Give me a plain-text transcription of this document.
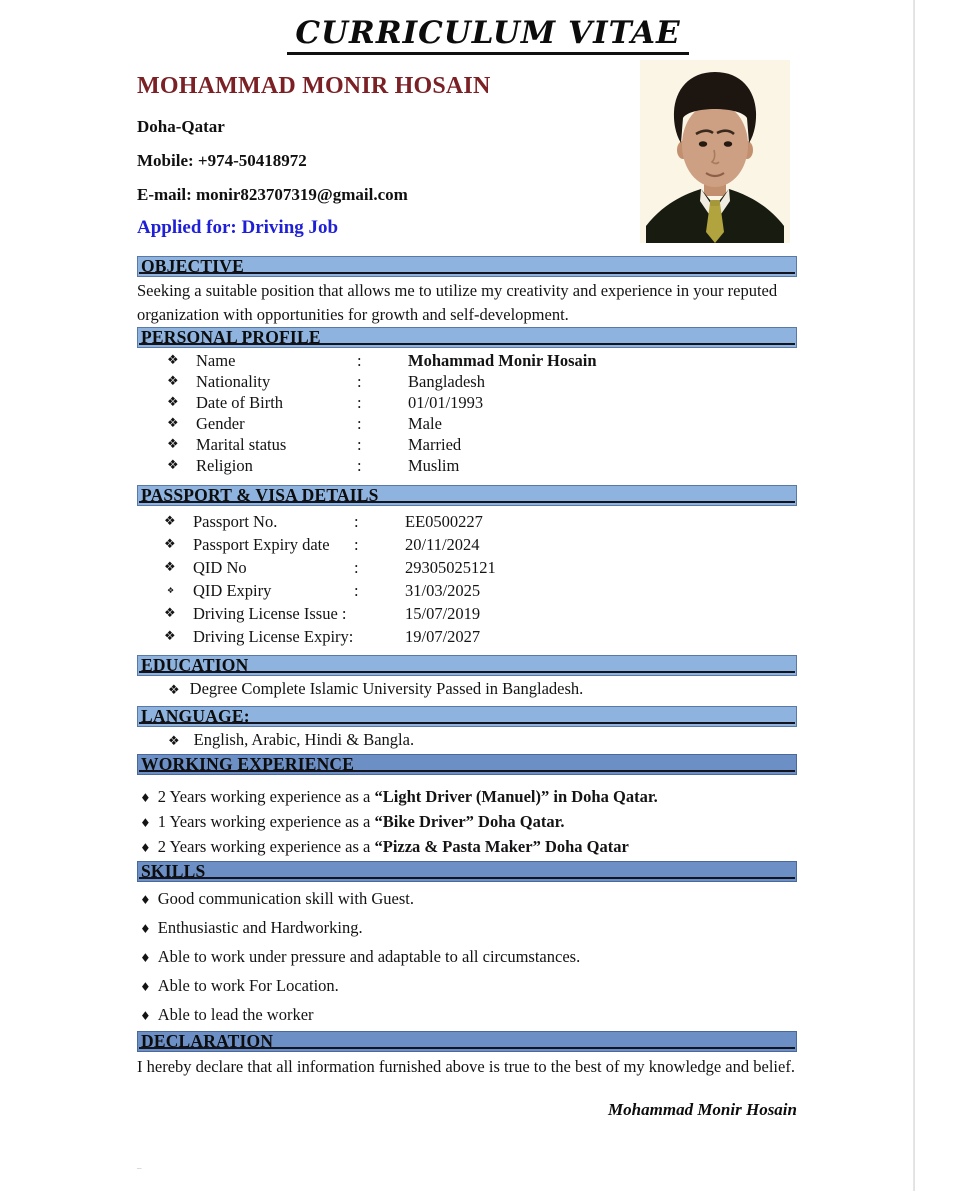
CURRICULUM VITAE
MOHAMMAD MONIR HOSAIN
Doha-Qatar
Mobile: +974-50418972
E-mail: monir823707319@gmail.com
Applied for: Driving Job
OBJECTIVE

Seeking a suitable position that allows me to utilize my creativity and experience in your reputed organization with opportunities for growth and self-development.

PERSONAL PROFILE
❖	Name	:	Mohammad Monir Hosain
❖	Nationality	:	Bangladesh
❖	Date of Birth	:	01/01/1993
❖	Gender	:	Male
❖	Marital status	:	Married
❖	Religion	:	Muslim
PASSPORT & VISA DETAILS
❖	Passport No.	:	EE0500227
❖	Passport Expiry date	:	20/11/2024
❖	QID No	:	29305025121
❖	QID Expiry	:	31/03/2025
❖	Driving License Issue :	15/07/2019
❖	Driving License Expiry:	19/07/2027
EDUCATION
❖ Degree Complete Islamic University Passed in Bangladesh.
LANGUAGE:
❖ English, Arabic, Hindi & Bangla.
WORKING EXPERIENCE
♦ 2 Years working experience as a “Light Driver (Manuel)” in Doha Qatar.
♦ 1 Years working experience as a “Bike Driver” Doha Qatar.
♦ 2 Years working experience as a “Pizza & Pasta Maker” Doha Qatar
SKILLS
♦ Good communication skill with Guest.
♦ Enthusiastic and Hardworking.
♦ Able to work under pressure and adaptable to all circumstances.
♦ Able to work For Location.
♦ Able to lead the worker
DECLARATION

I hereby declare that all information furnished above is true to the best of my knowledge and belief.

Mohammad Monir Hosain
–
